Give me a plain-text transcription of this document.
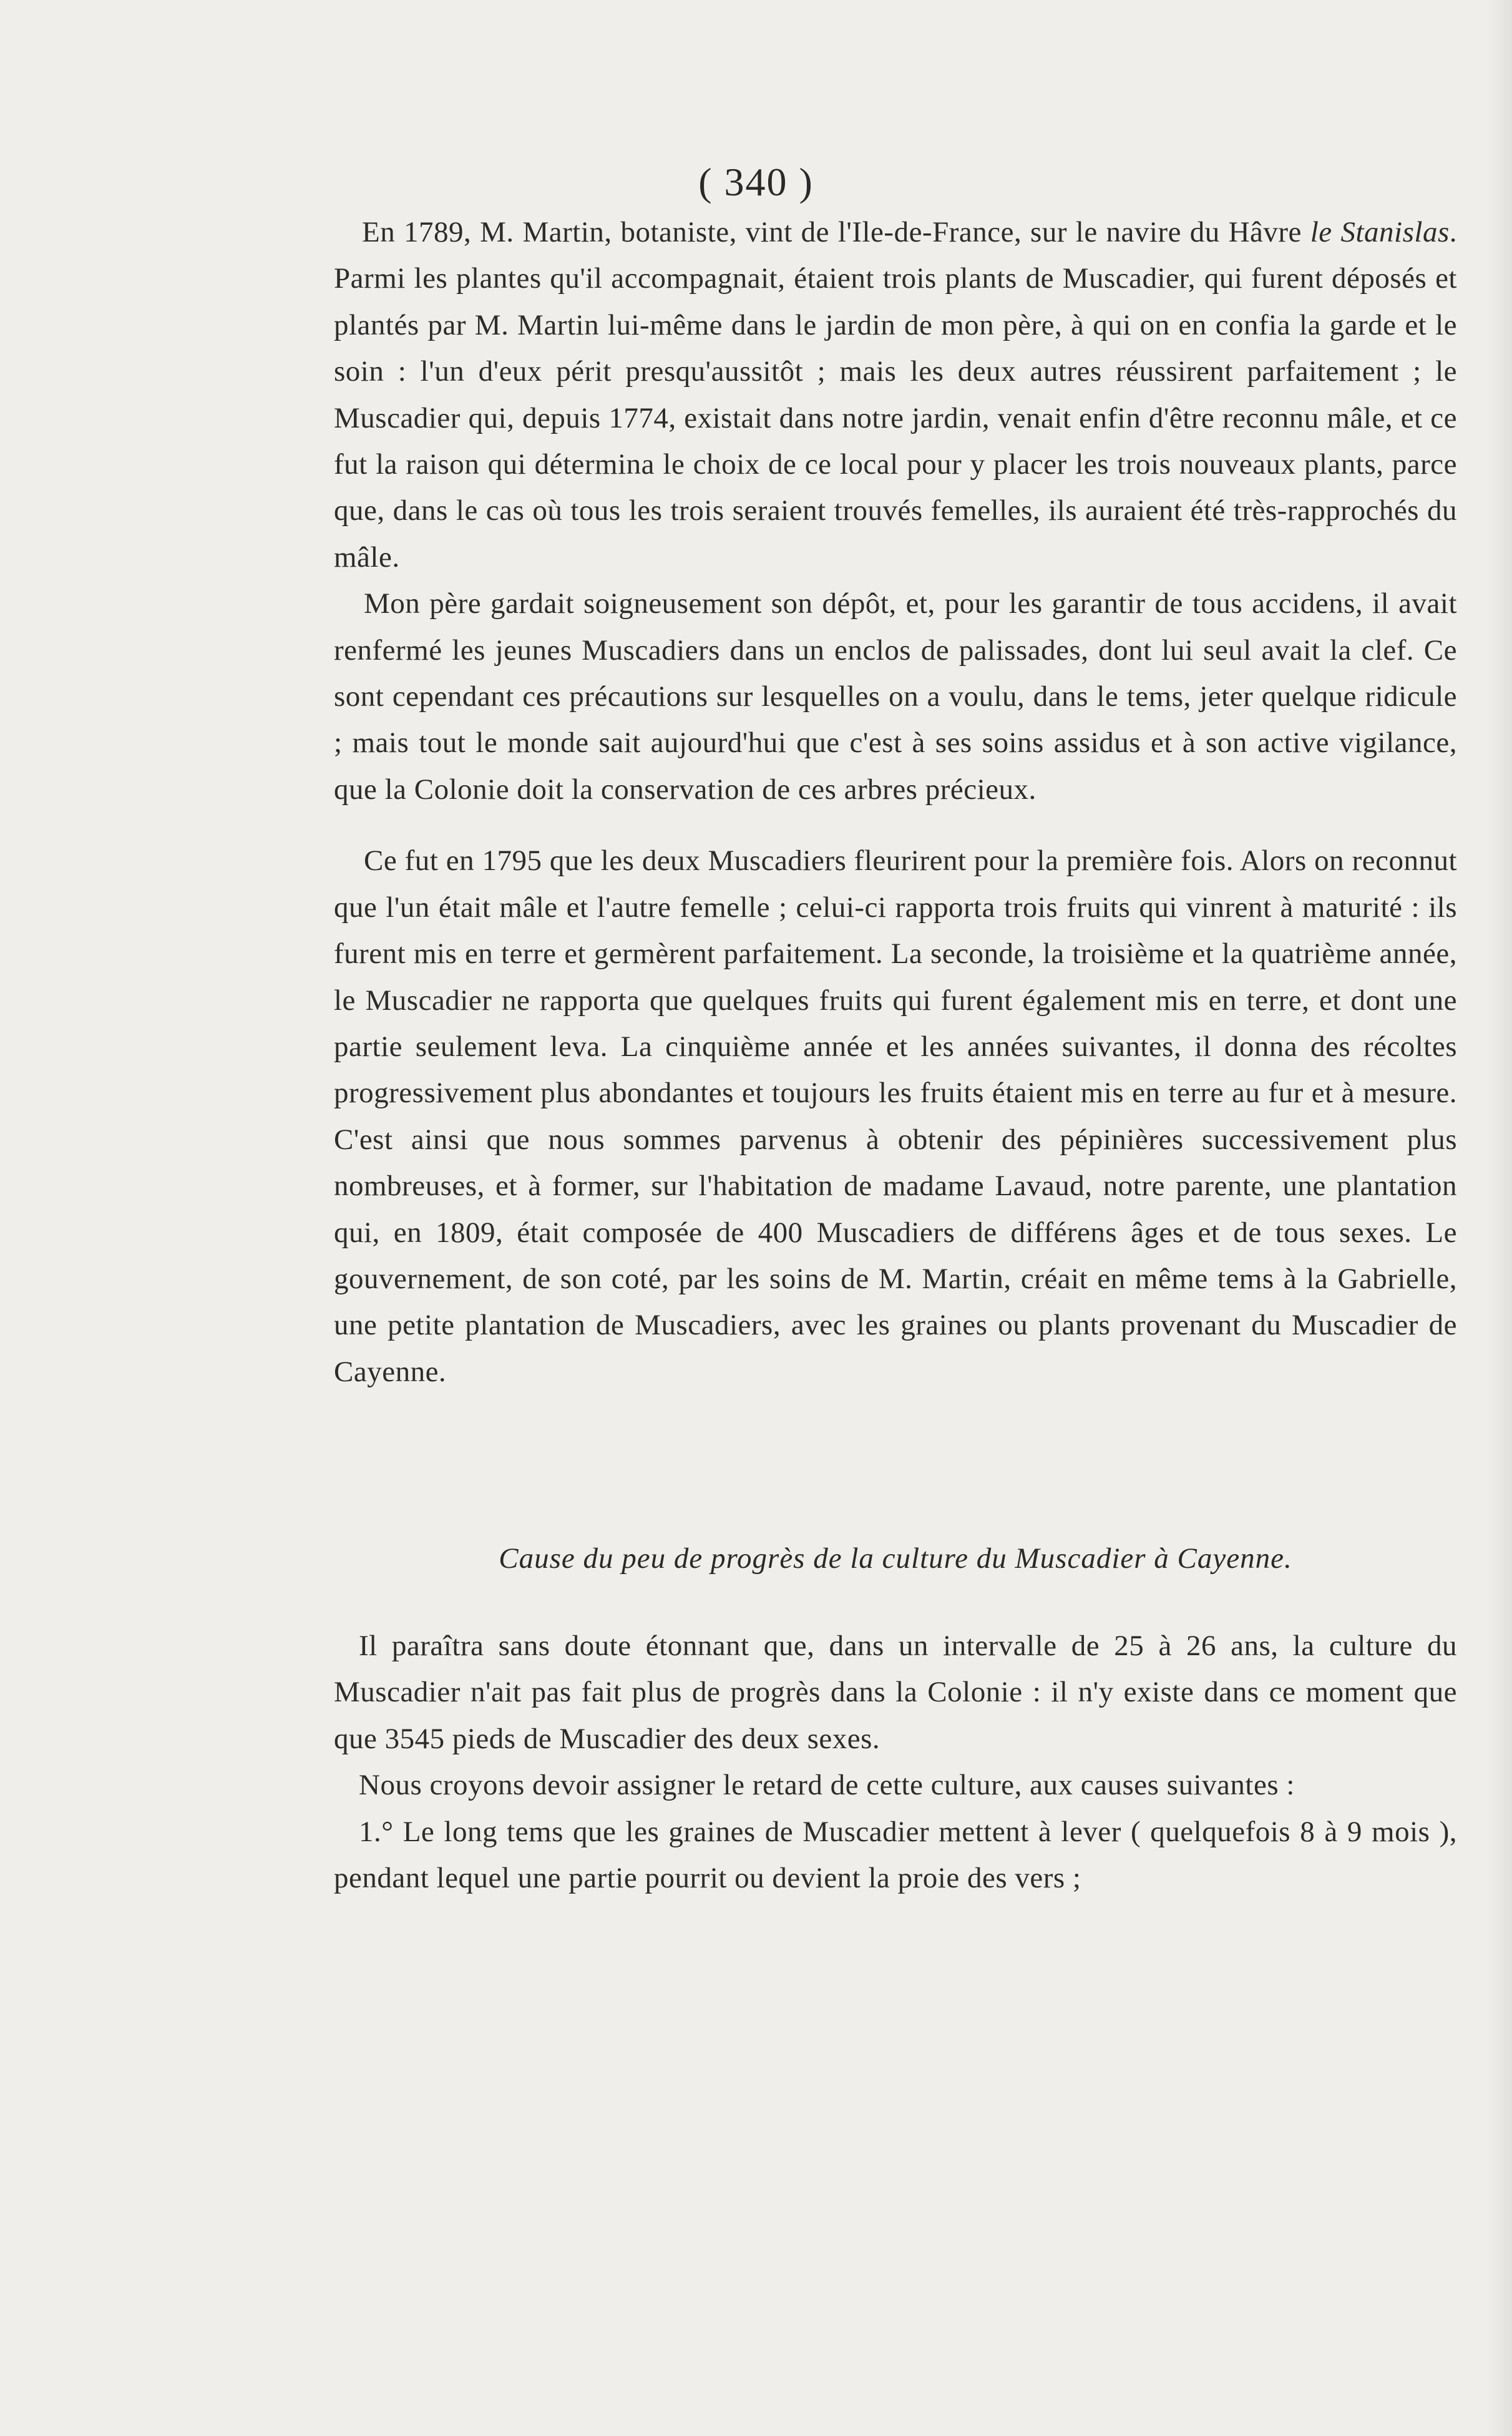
( 340 )

En 1789, M. Martin, botaniste, vint de l'Ile-de-France, sur le navire du Hâvre le Stanislas. Parmi les plantes qu'il accompagnait, étaient trois plants de Muscadier, qui furent déposés et plantés par M. Martin lui-même dans le jardin de mon père, à qui on en confia la garde et le soin : l'un d'eux périt presqu'aussitôt ; mais les deux autres réussirent parfaitement ; le Muscadier qui, depuis 1774, existait dans notre jardin, venait enfin d'être reconnu mâle, et ce fut la raison qui détermina le choix de ce local pour y placer les trois nouveaux plants, parce que, dans le cas où tous les trois seraient trouvés femelles, ils auraient été très-rapprochés du mâle.

Mon père gardait soigneusement son dépôt, et, pour les garantir de tous accidens, il avait renfermé les jeunes Muscadiers dans un enclos de palissades, dont lui seul avait la clef. Ce sont cependant ces précautions sur lesquelles on a voulu, dans le tems, jeter quelque ridicule ; mais tout le monde sait aujourd'hui que c'est à ses soins assidus et à son active vigilance, que la Colonie doit la conservation de ces arbres précieux.

Ce fut en 1795 que les deux Muscadiers fleurirent pour la première fois. Alors on reconnut que l'un était mâle et l'autre femelle ; celui-ci rapporta trois fruits qui vinrent à maturité : ils furent mis en terre et germèrent parfaitement. La seconde, la troisième et la quatrième année, le Muscadier ne rapporta que quelques fruits qui furent également mis en terre, et dont une partie seulement leva. La cinquième année et les années suivantes, il donna des récoltes progressivement plus abondantes et toujours les fruits étaient mis en terre au fur et à mesure. C'est ainsi que nous sommes parvenus à obtenir des pépinières successivement plus nombreuses, et à former, sur l'habitation de madame Lavaud, notre parente, une plantation qui, en 1809, était composée de 400 Muscadiers de différens âges et de tous sexes. Le gouvernement, de son coté, par les soins de M. Martin, créait en même tems à la Gabrielle, une petite plantation de Muscadiers, avec les graines ou plants provenant du Muscadier de Cayenne.

Cause du peu de progrès de la culture du Muscadier à Cayenne.

Il paraîtra sans doute étonnant que, dans un intervalle de 25 à 26 ans, la culture du Muscadier n'ait pas fait plus de progrès dans la Colonie : il n'y existe dans ce moment que que 3545 pieds de Muscadier des deux sexes.

Nous croyons devoir assigner le retard de cette culture, aux causes suivantes :

1.° Le long tems que les graines de Muscadier mettent à lever ( quelquefois 8 à 9 mois ), pendant lequel une partie pourrit ou devient la proie des vers ;
